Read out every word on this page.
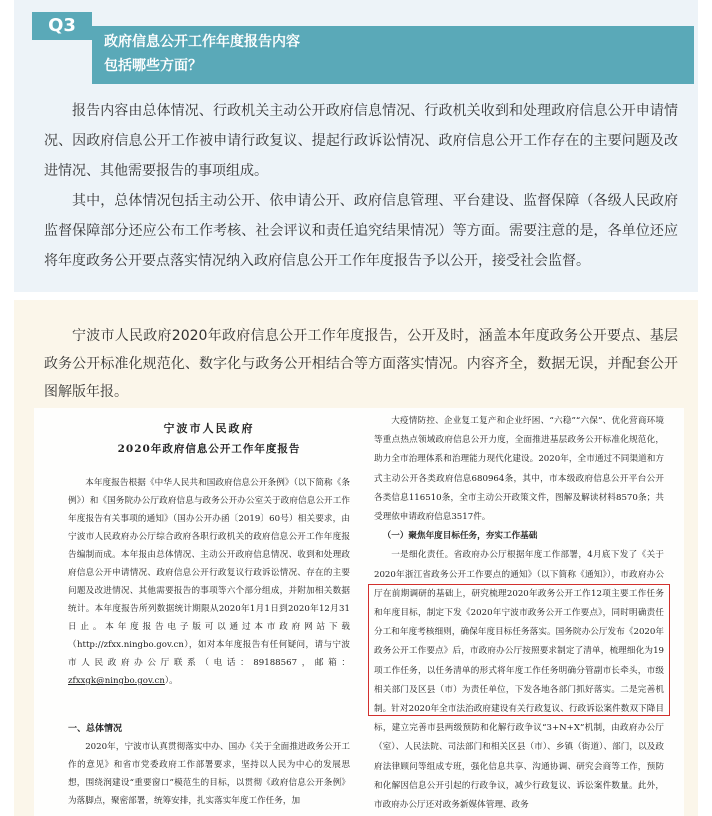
Q3
政府信息公开工作年度报告内容
包括哪些方面？

报告内容由总体情况、行政机关主动公开政府信息情况、行政机关收到和处理政府信息公开申请情况、因政府信息公开工作被申请行政复议、提起行政诉讼情况、政府信息公开工作存在的主要问题及改进情况、其他需要报告的事项组成。

其中，总体情况包括主动公开、依申请公开、政府信息管理、平台建设、监督保障（各级人民政府监督保障部分还应公布工作考核、社会评议和责任追究结果情况）等方面。需要注意的是，各单位还应将年度政务公开要点落实情况纳入政府信息公开工作年度报告予以公开，接受社会监督。

宁波市人民政府2020年政府信息公开工作年度报告，公开及时，涵盖本年度政务公开要点、基层政务公开标准化规范化、数字化与政务公开相结合等方面落实情况。内容齐全，数据无误，并配套公开图解版年报。

宁波市人民政府
2020年政府信息公开工作年度报告

本年度报告根据《中华人民共和国政府信息公开条例》（以下简称《条例》）和《国务院办公厅政府信息与政务公开办公室关于政府信息公开工作年度报告有关事项的通知》（国办公开办函〔2019〕60号）相关要求，由宁波市人民政府办公厅综合政府各职行政机关的政府信息公开工作年度报告编制而成。本年报由总体情况、主动公开政府信息情况、收到和处理政府信息公开申请情况、政府信息公开行政复议行政诉讼情况、存在的主要问题及改进情况、其他需要报告的事项等六个部分组成，并附加相关数据统计。本年度报告所列数据统计期限从2020年1月1日到2020年12月31日止。本年度报告电子版可以通过本市政府网站下载（http://zfxx.ningbo.gov.cn），如对本年度报告有任何疑问，请与宁波市人民政府办公厅联系（电话：89188567，邮箱：zfxxgk@ningbo.gov.cn）。

一、总体情况

2020年，宁波市认真贯彻落实中办、国办《关于全面推进政务公开工作的意见》和省市党委政府工作部署要求，坚持以人民为中心的发展思想，围绕润建设“重要窗口”模范生的目标，以贯彻《政府信息公开条例》为落脚点，聚密部署，统筹安排，扎实落实年度工作任务，加

大疫情防控、企业复工复产和企业纾困、“六稳”“六保”、优化营商环境等重点热点领域政府信息公开力度，全面推进基层政务公开标准化规范化，助力全市治理体系和治理能力现代化建设。2020年，全市通过不同渠道和方式主动公开各类政府信息680964条，其中，市本级政府信息公开平台公开各类信息116510条，全市主动公开政策文件，图解及解读材料8570条；共受理依申请政府信息3517件。

（一）聚焦年度目标任务，夯实工作基础

一是细化责任。省政府办公厅根据年度工作部署，4月底下发了《关于2020年浙江省政务公开工作要点的通知》（以下简称《通知》），市政府办公厅在前期调研的基础上，研究梳理2020年政务公开工作12项主要工作任务和年度目标，制定下发《2020年宁波市政务公开工作要点》，同时明确责任分工和年度考核细则，确保年度目标任务落实。国务院办公厅发布《2020年政务公开工作要点》后，市政府办公厅按照要求制定了清单，梳理细化为19项工作任务，以任务清单的形式将年度工作任务明确分管副市长牵头，市级相关部门及区县（市）为责任单位，下发各地各部门抓好落实。二是完善机制。针对2020年全市法治政府建设有关行政复议、行政诉讼案件数双下降目标，建立完善市县两级预防和化解行政争议“3+N+X”机制，由政府办公厅（室）、人民法院、司法部门和相关区县（市）、乡镇（街道）、部门，以及政府法律顾问等组成专班，强化信息共享、沟通协调、研究会商等工作，预防和化解因信息公开引起的行政争议，减少行政复议、诉讼案件数量。此外，市政府办公厅还对政务新媒体管理、政务
